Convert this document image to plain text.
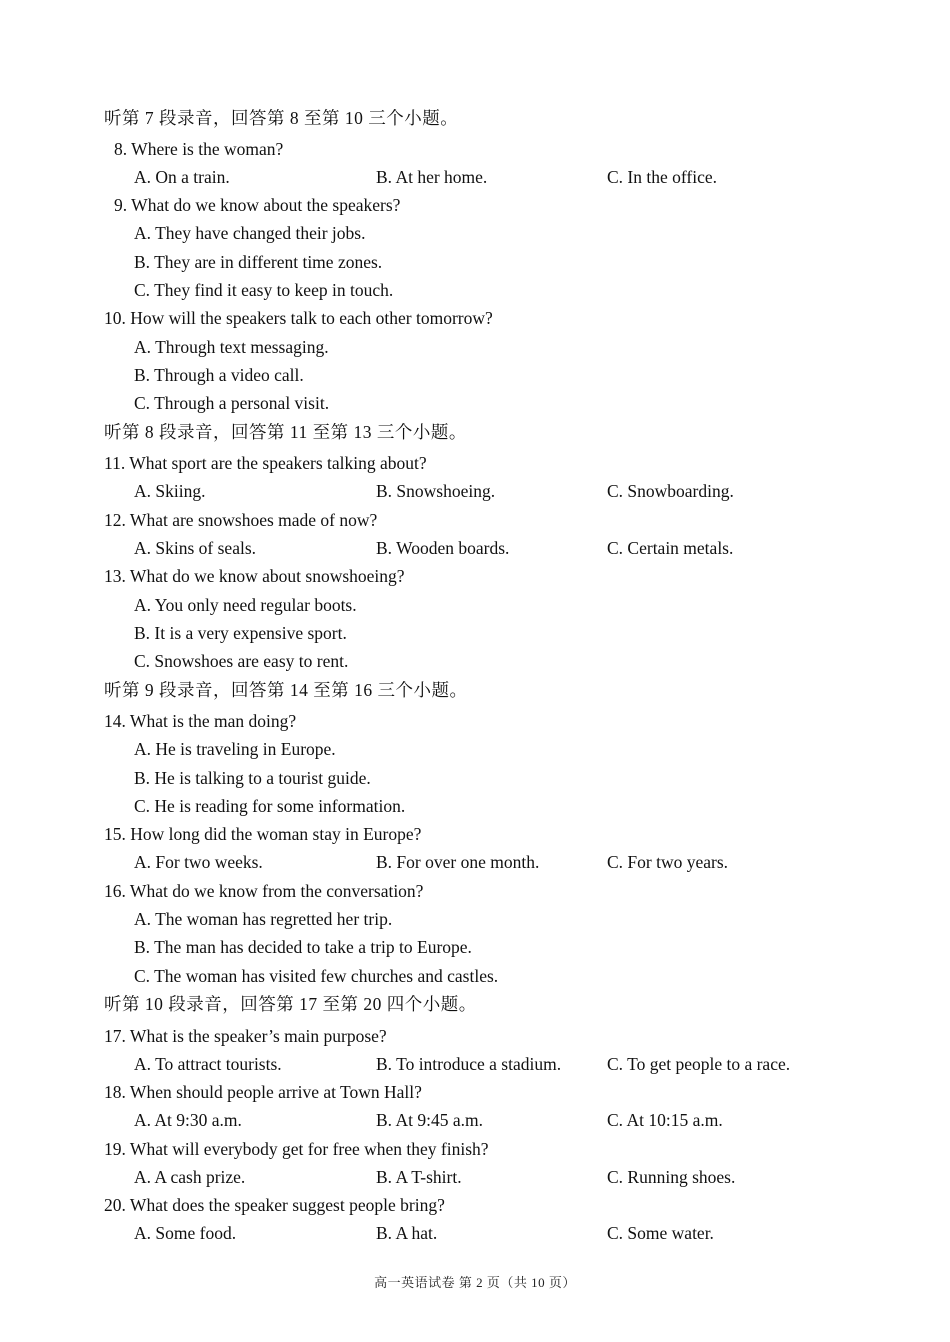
听第 7 段录音，回答第 8 至第 10 三个小题。
8. Where is the woman?
A. On a train.	B. At her home.	C. In the office.
9. What do we know about the speakers?
A. They have changed their jobs.
B. They are in different time zones.
C. They find it easy to keep in touch.
10. How will the speakers talk to each other tomorrow?
A. Through text messaging.
B. Through a video call.
C. Through a personal visit.
听第 8 段录音，回答第 11 至第 13 三个小题。
11. What sport are the speakers talking about?
A. Skiing.	B. Snowshoeing.	C. Snowboarding.
12. What are snowshoes made of now?
A. Skins of seals.	B. Wooden boards.	C. Certain metals.
13. What do we know about snowshoeing?
A. You only need regular boots.
B. It is a very expensive sport.
C. Snowshoes are easy to rent.
听第 9 段录音，回答第 14 至第 16 三个小题。
14. What is the man doing?
A. He is traveling in Europe.
B. He is talking to a tourist guide.
C. He is reading for some information.
15. How long did the woman stay in Europe?
A. For two weeks.	B. For over one month.	C. For two years.
16. What do we know from the conversation?
A. The woman has regretted her trip.
B. The man has decided to take a trip to Europe.
C. The woman has visited few churches and castles.
听第 10 段录音，回答第 17 至第 20 四个小题。
17. What is the speaker’s main purpose?
A. To attract tourists.	B. To introduce a stadium.	C. To get people to a race.
18. When should people arrive at Town Hall?
A. At 9:30 a.m.	B. At 9:45 a.m.	C. At 10:15 a.m.
19. What will everybody get for free when they finish?
A. A cash prize.	B. A T-shirt.	C. Running shoes.
20. What does the speaker suggest people bring?
A. Some food.	B. A hat.	C. Some water.
高一英语试卷 第 2 页（共 10 页）
